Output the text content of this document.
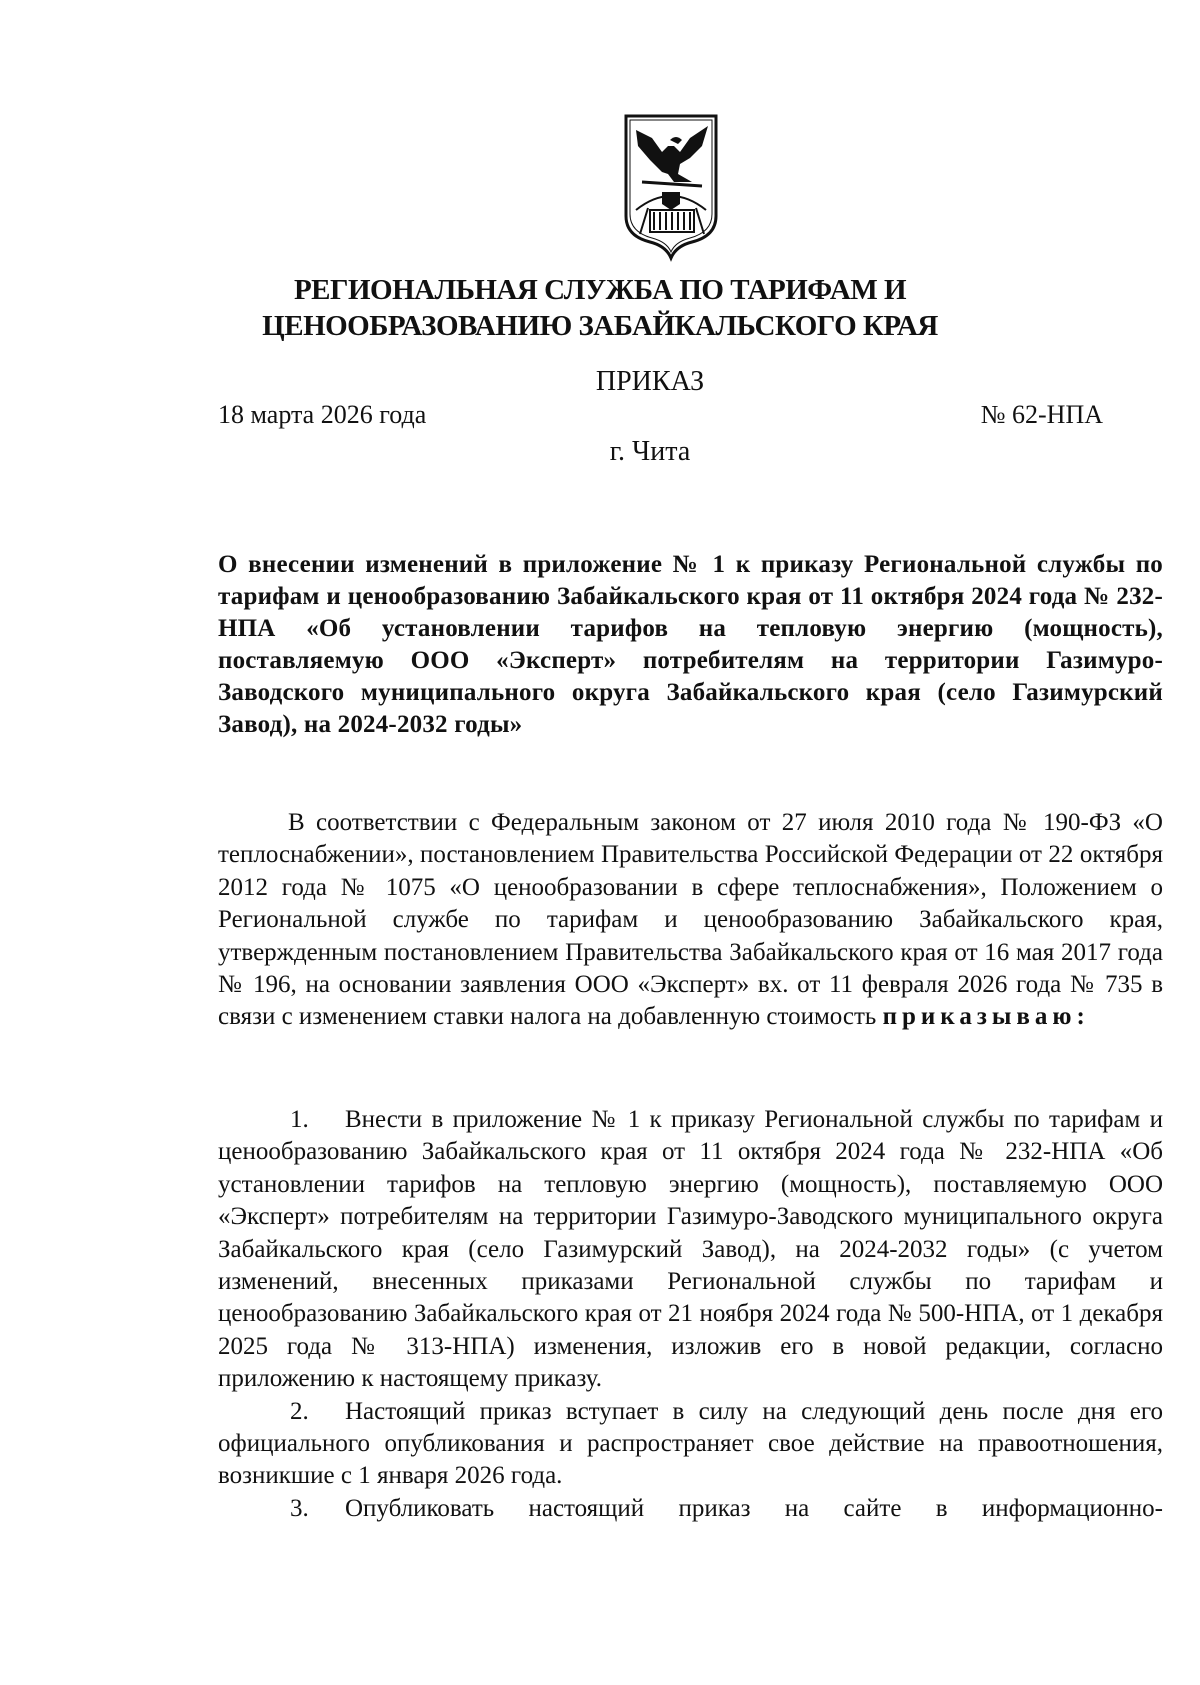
РЕГИОНАЛЬНАЯ СЛУЖБА ПО ТАРИФАМ И
ЦЕНООБРАЗОВАНИЮ ЗАБАЙКАЛЬСКОГО КРАЯ
ПРИКАЗ
18 марта 2026 года	№ 62-НПА
г. Чита
О внесении изменений в приложение № 1 к приказу Региональной службы по тарифам и ценообразованию Забайкальского края от 11 октября 2024 года № 232-НПА «Об установлении тарифов на тепловую энергию (мощность), поставляемую ООО «Эксперт» потребителям на территории Газимуро-Заводского муниципального округа Забайкальского края (село Газимурский Завод), на 2024-2032 годы»

В соответствии с Федеральным законом от 27 июля 2010 года № 190-ФЗ «О теплоснабжении», постановлением Правительства Российской Федерации от 22 октября 2012 года № 1075 «О ценообразовании в сфере теплоснабжения», Положением о Региональной службе по тарифам и ценообразованию Забайкальского края, утвержденным постановлением Правительства Забайкальского края от 16 мая 2017 года № 196, на основании заявления ООО «Эксперт» вх. от 11 февраля 2026 года № 735 в связи с изменением ставки налога на добавленную стоимость приказываю:

1. Внести в приложение № 1 к приказу Региональной службы по тарифам и ценообразованию Забайкальского края от 11 октября 2024 года № 232-НПА «Об установлении тарифов на тепловую энергию (мощность), поставляемую ООО «Эксперт» потребителям на территории Газимуро-Заводского муниципального округа Забайкальского края (село Газимурский Завод), на 2024-2032 годы» (с учетом изменений, внесенных приказами Региональной службы по тарифам и ценообразованию Забайкальского края от 21 ноября 2024 года № 500-НПА, от 1 декабря 2025 года № 313-НПА) изменения, изложив его в новой редакции, согласно приложению к настоящему приказу.

2. Настоящий приказ вступает в силу на следующий день после дня его официального опубликования и распространяет свое действие на правоотношения, возникшие с 1 января 2026 года.

3. Опубликовать настоящий приказ на сайте в информационно-
